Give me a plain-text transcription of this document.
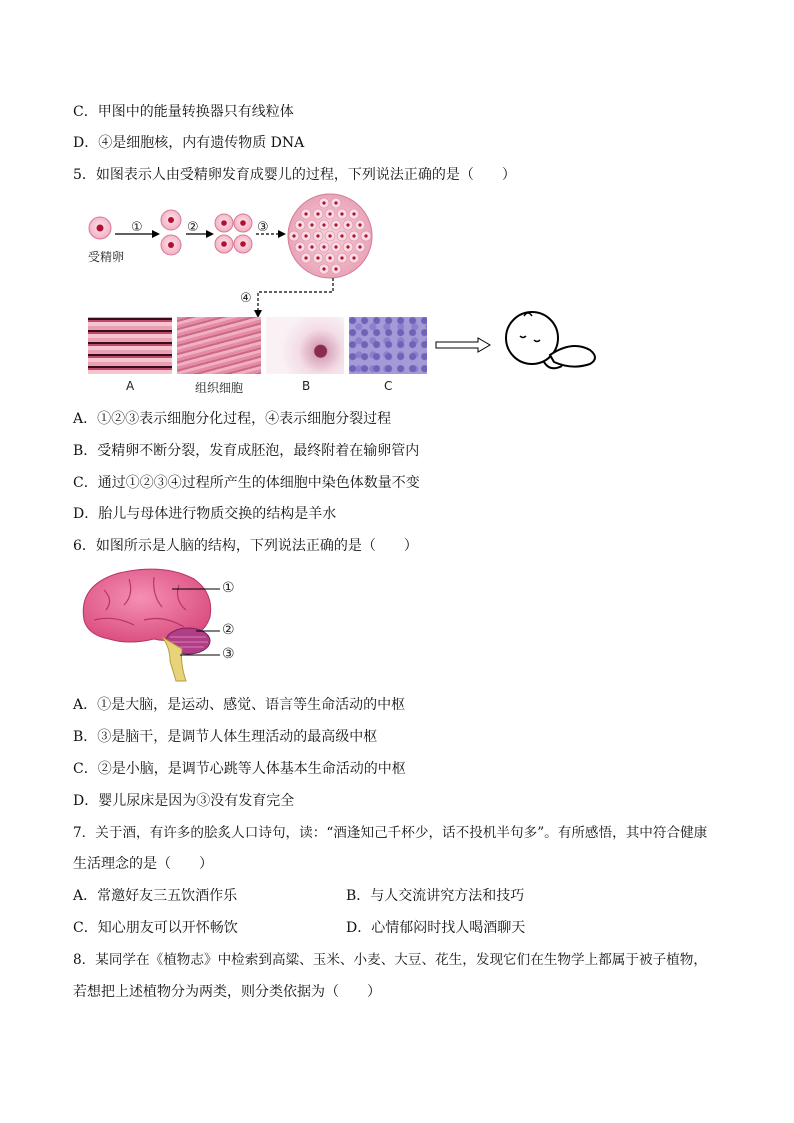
C．甲图中的能量转换器只有线粒体
D．④是细胞核，内有遗传物质 DNA
5．如图表示人由受精卵发育成婴儿的过程，下列说法正确的是（　　）
①	②	③
④
受精卵
A	组织细胞	B	C
A．①②③表示细胞分化过程，④表示细胞分裂过程
B．受精卵不断分裂，发育成胚泡，最终附着在输卵管内
C．通过①②③④过程所产生的体细胞中染色体数量不变
D．胎儿与母体进行物质交换的结构是羊水
6．如图所示是人脑的结构，下列说法正确的是（　　）
①
②
③
A．①是大脑，是运动、感觉、语言等生命活动的中枢
B．③是脑干，是调节人体生理活动的最高级中枢
C．②是小脑，是调节心跳等人体基本生命活动的中枢
D．婴儿尿床是因为③没有发育完全
7．关于酒，有许多的脍炙人口诗句，读：“酒逢知己千杯少，话不投机半句多”。有所感悟，其中符合健康
生活理念的是（　　）
A．常邀好友三五饮酒作乐	B．与人交流讲究方法和技巧
C．知心朋友可以开怀畅饮	D．心情郁闷时找人喝酒聊天
8．某同学在《植物志》中检索到高粱、玉米、小麦、大豆、花生，发现它们在生物学上都属于被子植物，
若想把上述植物分为两类，则分类依据为（　　）
